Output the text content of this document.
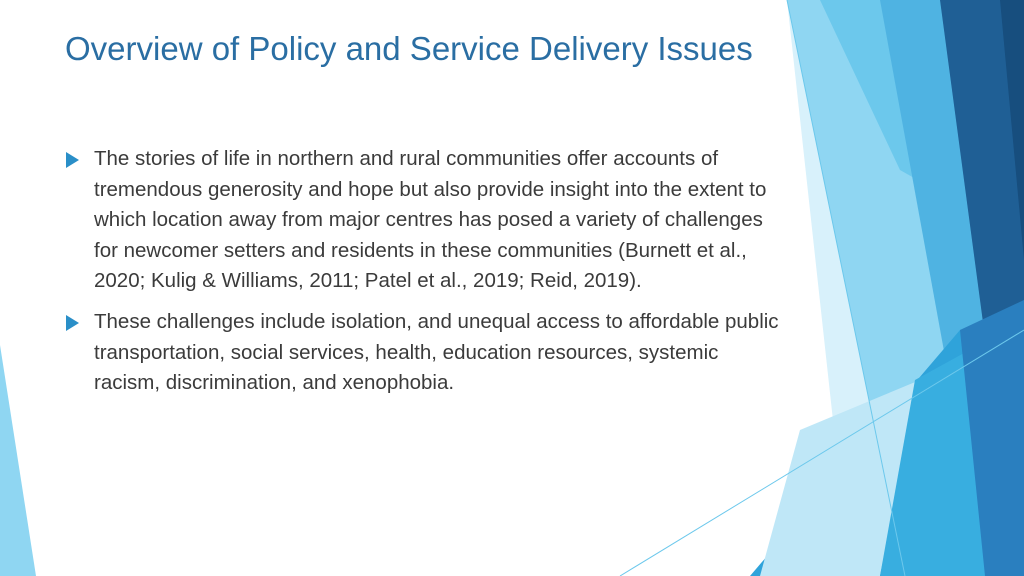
Overview of Policy and Service Delivery Issues
The stories of life in northern and rural communities offer accounts of tremendous generosity and hope but also provide insight into the extent to which location away from major centres has posed a variety of challenges for newcomer setters and residents in these communities (Burnett et al., 2020; Kulig & Williams, 2011; Patel et al., 2019; Reid, 2019).
These challenges include isolation, and unequal access to affordable public transportation, social services, health, education resources, systemic racism, discrimination, and xenophobia.
